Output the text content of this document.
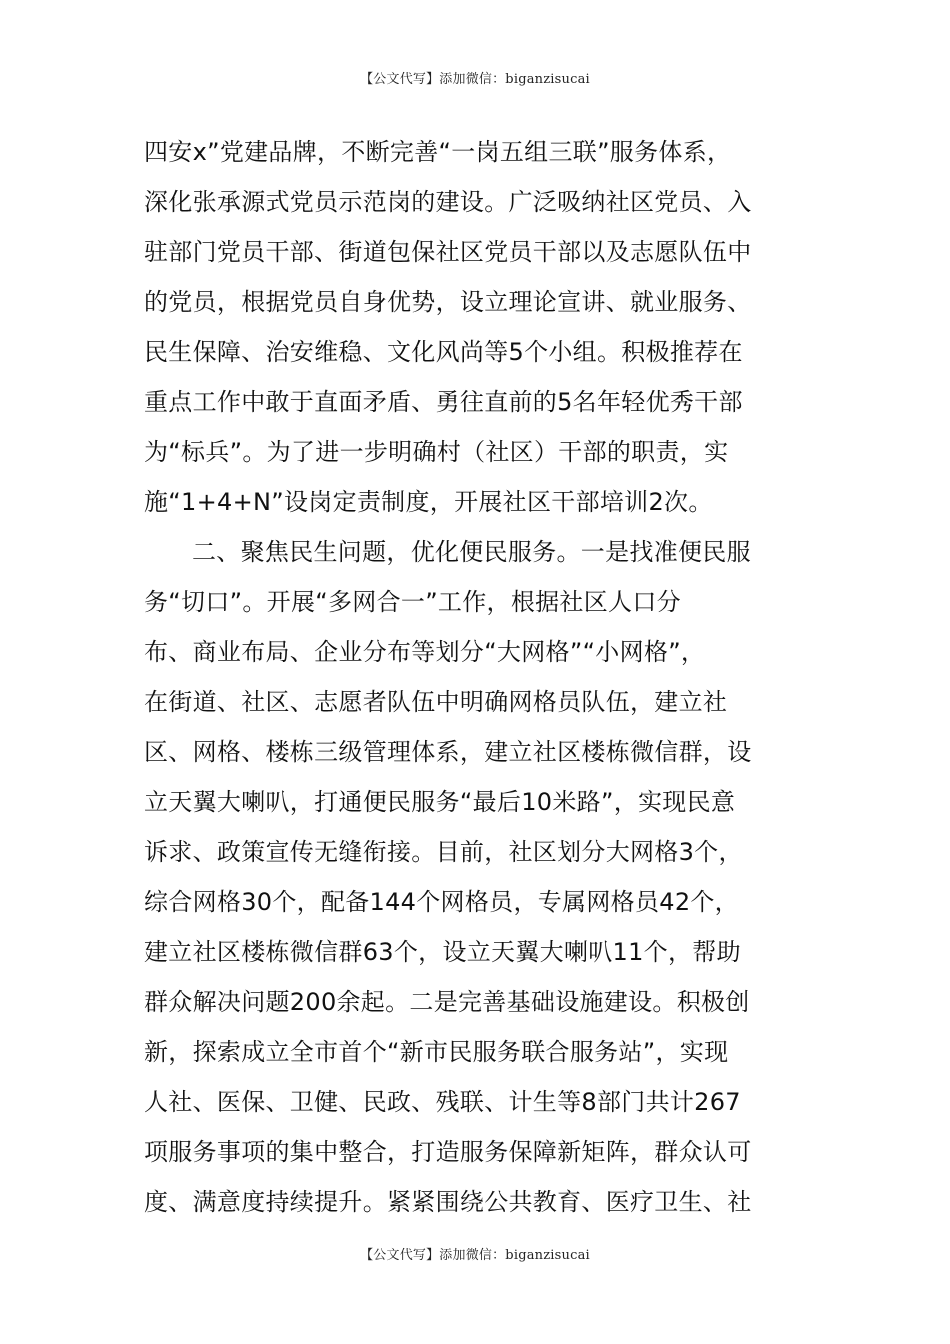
【公文代写】添加微信：biganzisucai
四安x”党建品牌，不断完善“一岗五组三联”服务体系，
深化张承源式党员示范岗的建设。广泛吸纳社区党员、入
驻部门党员干部、街道包保社区党员干部以及志愿队伍中
的党员，根据党员自身优势，设立理论宣讲、就业服务、
民生保障、治安维稳、文化风尚等5个小组。积极推荐在
重点工作中敢于直面矛盾、勇往直前的5名年轻优秀干部
为“标兵”。为了进一步明确村（社区）干部的职责，实
施“1+4+N”设岗定责制度，开展社区干部培训2次。
二、聚焦民生问题，优化便民服务。一是找准便民服
务“切口”。开展“多网合一”工作，根据社区人口分
布、商业布局、企业分布等划分“大网格”“小网格”，
在街道、社区、志愿者队伍中明确网格员队伍，建立社
区、网格、楼栋三级管理体系，建立社区楼栋微信群，设
立天翼大喇叭，打通便民服务“最后10米路”，实现民意
诉求、政策宣传无缝衔接。目前，社区划分大网格3个，
综合网格30个，配备144个网格员，专属网格员42个，
建立社区楼栋微信群63个，设立天翼大喇叭11个，帮助
群众解决问题200余起。二是完善基础设施建设。积极创
新，探索成立全市首个“新市民服务联合服务站”，实现
人社、医保、卫健、民政、残联、计生等8部门共计267
项服务事项的集中整合，打造服务保障新矩阵，群众认可
度、满意度持续提升。紧紧围绕公共教育、医疗卫生、社
【公文代写】添加微信：biganzisucai
